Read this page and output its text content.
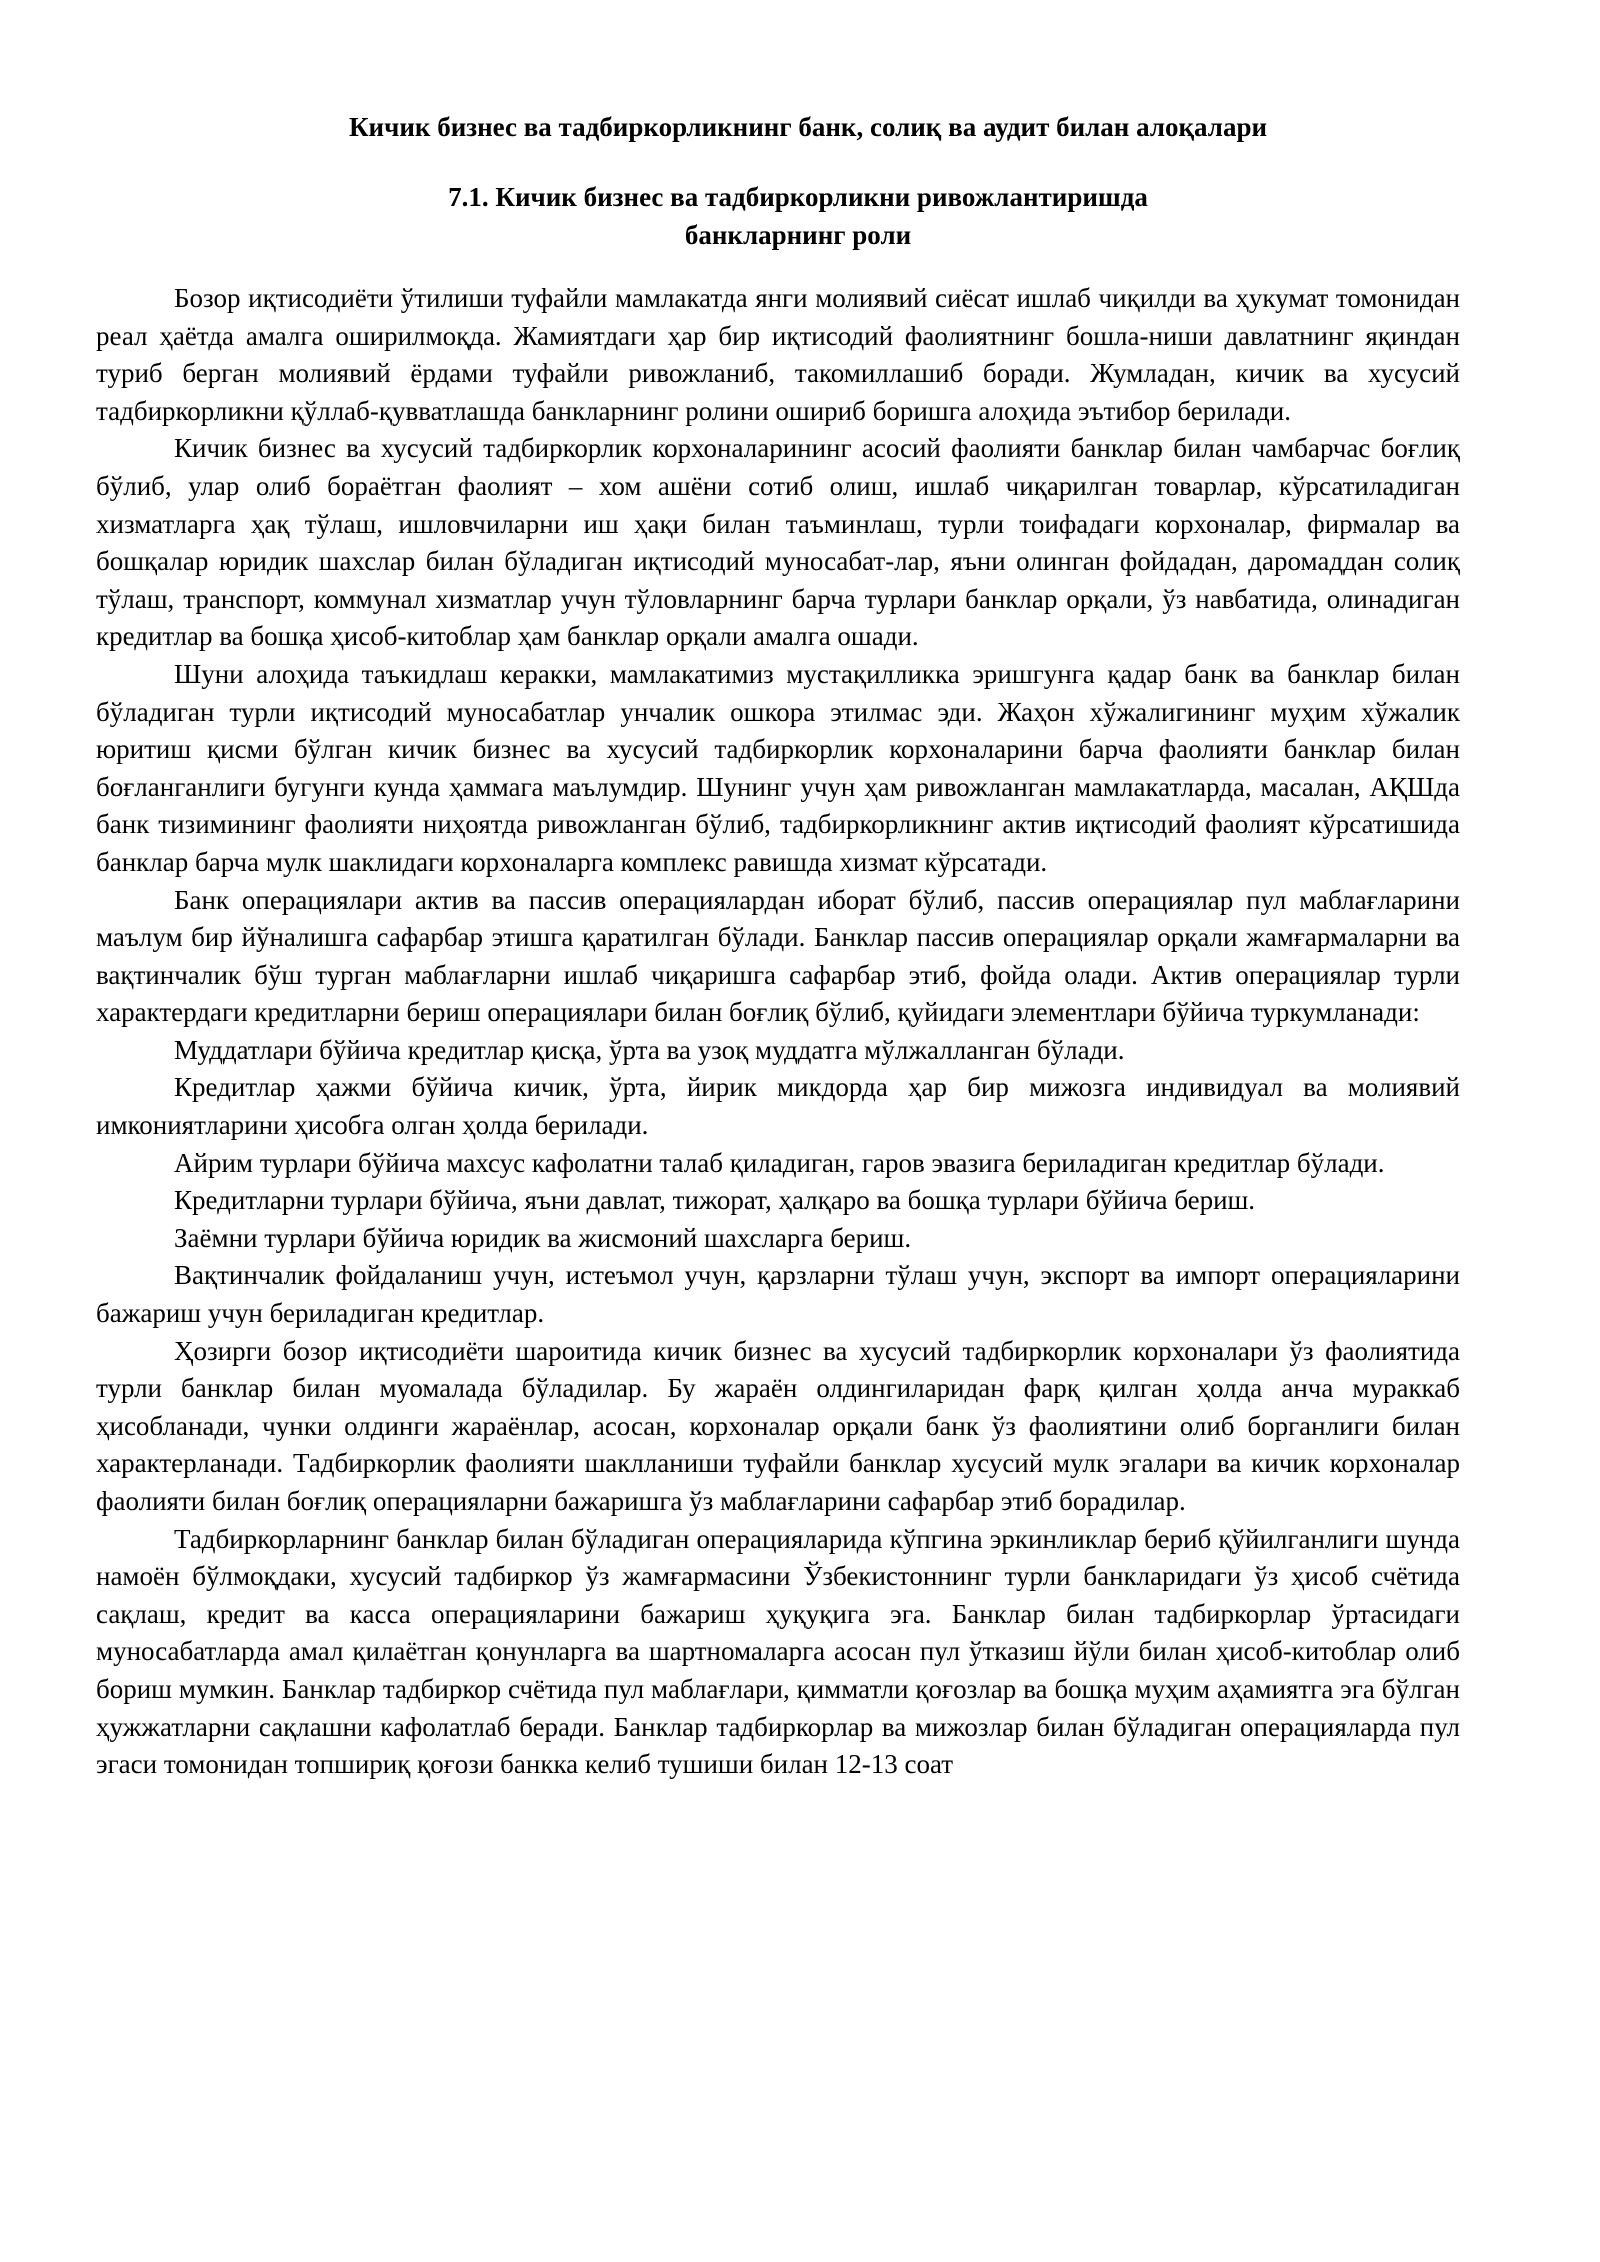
Кичик бизнес ва тадбиркорликнинг банк, солиқ ва аудит билан алоқалари
7.1. Кичик бизнес ва тадбиркорликни ривожлантиришда
банкларнинг роли

Бозор иқтисодиёти ўтилиши туфайли мамлакатда янги молиявий сиёсат ишлаб чиқилди ва ҳукумат томонидан реал ҳаётда амалга оширилмоқда. Жамиятдаги ҳар бир иқтисодий фаолиятнинг бошла-ниши давлатнинг яқиндан туриб берган молиявий ёрдами туфайли ривожланиб, такомиллашиб боради. Жумладан, кичик ва хусусий тадбиркорликни қўллаб-қувватлашда банкларнинг ролини ошириб боришга алоҳида эътибор берилади.

Кичик бизнес ва хусусий тадбиркорлик корхоналарининг асосий фаолияти банклар билан чамбарчас боғлиқ бўлиб, улар олиб бораётган фаолият – хом ашёни сотиб олиш, ишлаб чиқарилган товарлар, кўрсатиладиган хизматларга ҳақ тўлаш, ишловчиларни иш ҳақи билан таъминлаш, турли тоифадаги корхоналар, фирмалар ва бошқалар юридик шахслар билан бўладиган иқтисодий муносабат-лар, яъни олинган фойдадан, даромаддан солиқ тўлаш, транспорт, коммунал хизматлар учун тўловларнинг барча турлари банклар орқали, ўз навбатида, олинадиган кредитлар ва бошқа ҳисоб-китоблар ҳам банклар орқали амалга ошади.

Шуни алоҳида таъкидлаш керакки, мамлакатимиз мустақилликка эришгунга қадар банк ва банклар билан бўладиган турли иқтисодий муносабатлар унчалик ошкора этилмас эди. Жаҳон хўжалигининг муҳим хўжалик юритиш қисми бўлган кичик бизнес ва хусусий тадбиркорлик корхоналарини барча фаолияти банклар билан боғланганлиги бугунги кунда ҳаммага маълумдир. Шунинг учун ҳам ривожланган мамлакатларда, масалан, АҚШда банк тизимининг фаолияти ниҳоятда ривожланган бўлиб, тадбиркорликнинг актив иқтисодий фаолият кўрсатишида банклар барча мулк шаклидаги корхоналарга комплекс равишда хизмат кўрсатади.

Банк операциялари актив ва пассив операциялардан иборат бўлиб, пассив операциялар пул маблағларини маълум бир йўналишга сафарбар этишга қаратилган бўлади. Банклар пассив операциялар орқали жамғармаларни ва вақтинчалик бўш турган маблағларни ишлаб чиқаришга сафарбар этиб, фойда олади. Актив операциялар турли характердаги кредитларни бериш операциялари билан боғлиқ бўлиб, қуйидаги элементлари бўйича туркумланади:

Муддатлари бўйича кредитлар қисқа, ўрта ва узоқ муддатга мўлжалланган бўлади.

Кредитлар ҳажми бўйича кичик, ўрта, йирик микдорда ҳар бир мижозга индивидуал ва молиявий имкониятларини ҳисобга олган ҳолда берилади.

Айрим турлари бўйича махсус кафолатни талаб қиладиган, гаров эвазига бериладиган кредитлар бўлади.

Кредитларни турлари бўйича, яъни давлат, тижорат, ҳалқаро ва бошқа турлари бўйича бериш.

Заёмни турлари бўйича юридик ва жисмоний шахсларга бериш.

Вақтинчалик фойдаланиш учун, истеъмол учун, қарзларни тўлаш учун, экспорт ва импорт операцияларини бажариш учун бериладиган кредитлар.

Ҳозирги бозор иқтисодиёти шароитида кичик бизнес ва хусусий тадбиркорлик корхоналари ўз фаолиятида турли банклар билан муомалада бўладилар. Бу жараён олдингиларидан фарқ қилган ҳолда анча мураккаб ҳисобланади, чунки олдинги жараёнлар, асосан, корхоналар орқали банк ўз фаолиятини олиб борганлиги билан характерланади. Тадбиркорлик фаолияти шаклланиши туфайли банклар хусусий мулк эгалари ва кичик корхоналар фаолияти билан боғлиқ операцияларни бажаришга ўз маблағларини сафарбар этиб борадилар.

Тадбиркорларнинг банклар билан бўладиган операцияларида кўпгина эркинликлар бериб қўйилганлиги шунда намоён бўлмоқдаки, хусусий тадбиркор ўз жамғармасини Ўзбекистоннинг турли банкларидаги ўз ҳисоб счётида сақлаш, кредит ва касса операцияларини бажариш ҳуқуқига эга. Банклар билан тадбиркорлар ўртасидаги муносабатларда амал қилаётган қонунларга ва шартномаларга асосан пул ўтказиш йўли билан ҳисоб-китоблар олиб бориш мумкин. Банклар тадбиркор счётида пул маблағлари, қимматли қоғозлар ва бошқа муҳим аҳамиятга эга бўлган ҳужжатларни сақлашни кафолатлаб беради. Банклар тадбиркорлар ва мижозлар билан бўладиган операцияларда пул эгаси томонидан топшириқ қоғози банкка келиб тушиши билан 12-13 соат
